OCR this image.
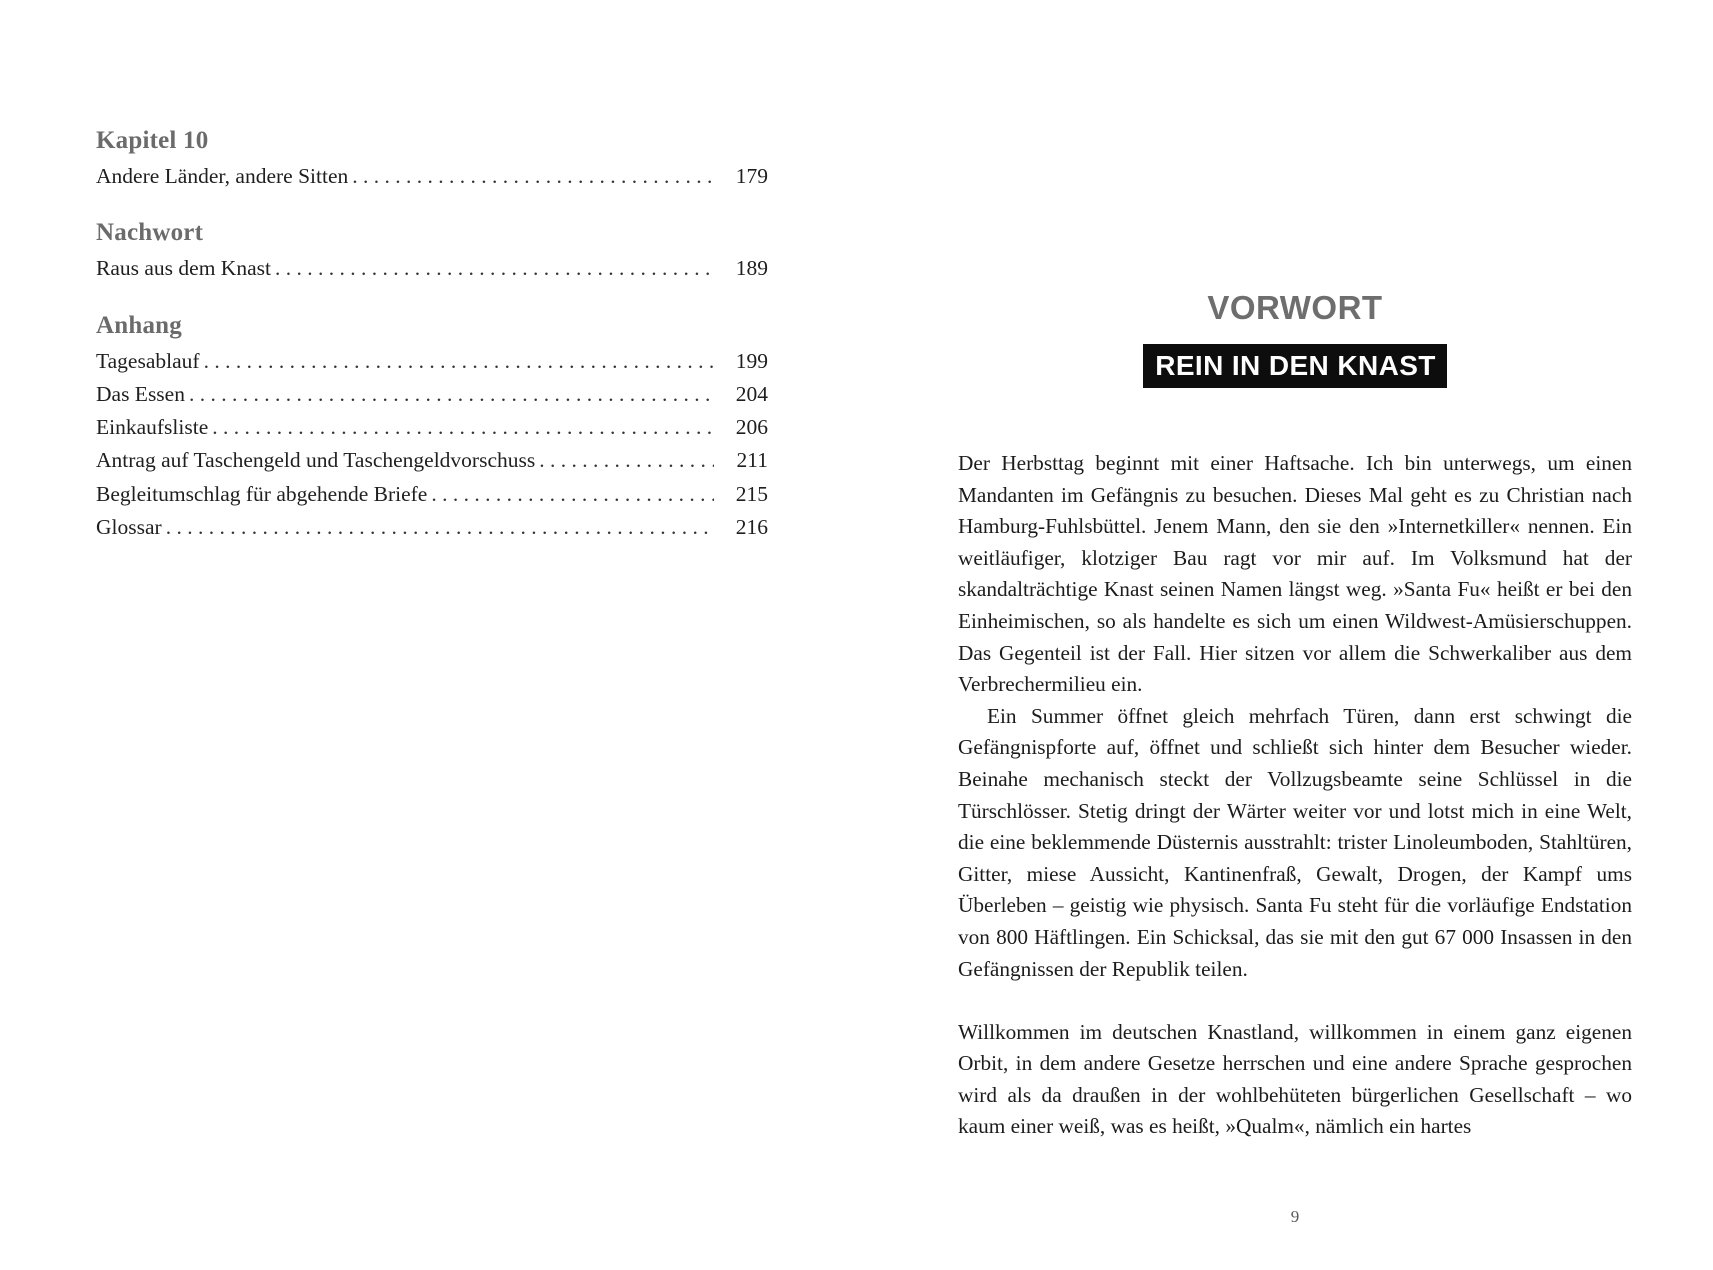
Kapitel 10
Andere Länder, andere Sitten . . .	179
Nachwort
Raus aus dem Knast . . .	189
Anhang
Tagesablauf . . .	199
Das Essen . . .	204
Einkaufsliste . . .	206
Antrag auf Taschengeld und Taschengeldvorschuss . . .	211
Begleitumschlag für abgehende Briefe . . .	215
Glossar . . .	216
VORWORT
REIN IN DEN KNAST

Der Herbsttag beginnt mit einer Haftsache. Ich bin unterwegs, um einen Mandanten im Gefängnis zu besuchen. Dieses Mal geht es zu Christian nach Hamburg-Fuhlsbüttel. Jenem Mann, den sie den »Internetkiller« nennen. Ein weitläufiger, klotziger Bau ragt vor mir auf. Im Volksmund hat der skandalträchtige Knast seinen Namen längst weg. »Santa Fu« heißt er bei den Einheimischen, so als handelte es sich um einen Wildwest-Amüsierschuppen. Das Gegenteil ist der Fall. Hier sitzen vor allem die Schwerkaliber aus dem Verbrechermilieu ein.

Ein Summer öffnet gleich mehrfach Türen, dann erst schwingt die Gefängnispforte auf, öffnet und schließt sich hinter dem Besucher wieder. Beinahe mechanisch steckt der Vollzugsbeamte seine Schlüssel in die Türschlösser. Stetig dringt der Wärter weiter vor und lotst mich in eine Welt, die eine beklemmende Düsternis ausstrahlt: trister Linoleumboden, Stahltüren, Gitter, miese Aussicht, Kantinenfraß, Gewalt, Drogen, der Kampf ums Überleben – geistig wie physisch. Santa Fu steht für die vorläufige Endstation von 800 Häftlingen. Ein Schicksal, das sie mit den gut 67 000 Insassen in den Gefängnissen der Republik teilen.

Willkommen im deutschen Knastland, willkommen in einem ganz eigenen Orbit, in dem andere Gesetze herrschen und eine andere Sprache gesprochen wird als da draußen in der wohlbehüteten bürgerlichen Gesellschaft – wo kaum einer weiß, was es heißt, »Qualm«, nämlich ein hartes

9
